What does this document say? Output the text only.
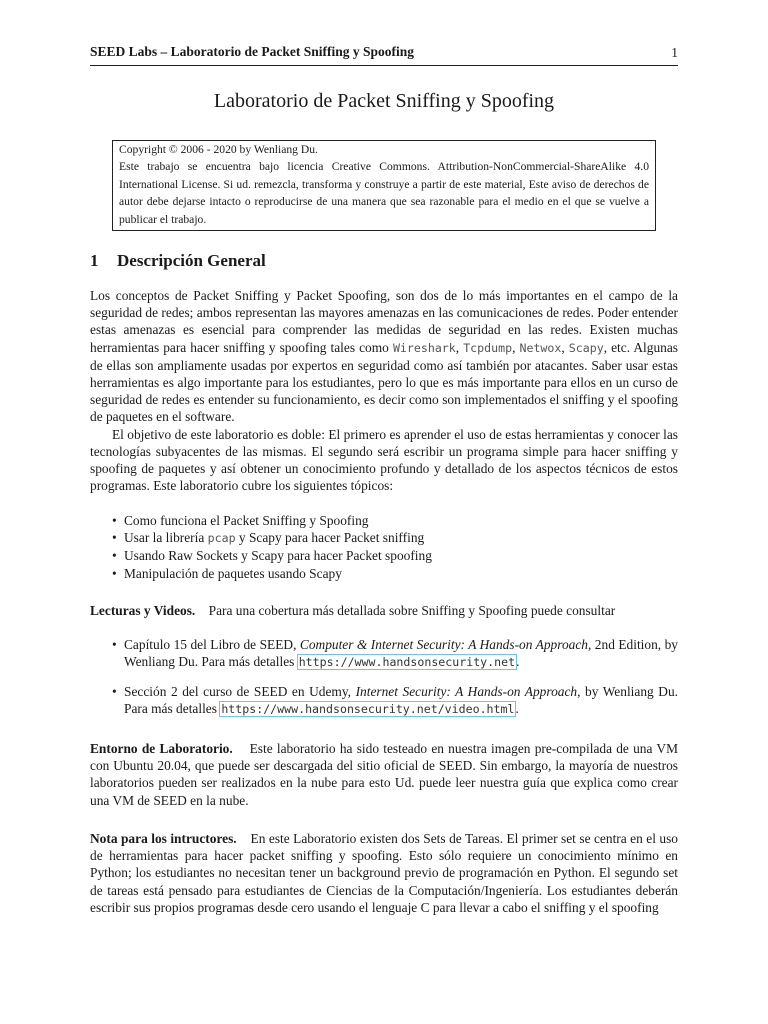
SEED Labs – Laboratorio de Packet Sniffing y Spoofing	1
Laboratorio de Packet Sniffing y Spoofing

Copyright © 2006 - 2020 by Wenliang Du.

Este trabajo se encuentra bajo licencia Creative Commons. Attribution-NonCommercial-ShareAlike 4.0 International License. Si ud. remezcla, transforma y construye a partir de este material, Este aviso de derechos de autor debe dejarse intacto o reproducirse de una manera que sea razonable para el medio en el que se vuelve a publicar el trabajo.

1 Descripción General

Los conceptos de Packet Sniffing y Packet Spoofing, son dos de lo más importantes en el campo de la seguridad de redes; ambos representan las mayores amenazas en las comunicaciones de redes. Poder entender estas amenazas es esencial para comprender las medidas de seguridad en las redes. Existen muchas herramientas para hacer sniffing y spoofing tales como Wireshark, Tcpdump, Netwox, Scapy, etc. Algunas de ellas son ampliamente usadas por expertos en seguridad como así también por atacantes. Saber usar estas herramientas es algo importante para los estudiantes, pero lo que es más importante para ellos en un curso de seguridad de redes es entender su funcionamiento, es decir como son implementados el sniffing y el spoofing de paquetes en el software.

El objetivo de este laboratorio es doble: El primero es aprender el uso de estas herramientas y conocer las tecnologías subyacentes de las mismas. El segundo será escribir un programa simple para hacer sniffing y spoofing de paquetes y así obtener un conocimiento profundo y detallado de los aspectos técnicos de estos programas. Este laboratorio cubre los siguientes tópicos:

• Como funciona el Packet Sniffing y Spoofing
• Usar la librería pcap y Scapy para hacer Packet sniffing
• Usando Raw Sockets y Scapy para hacer Packet spoofing
• Manipulación de paquetes usando Scapy

Lecturas y Videos. Para una cobertura más detallada sobre Sniffing y Spoofing puede consultar

• Capítulo 15 del Libro de SEED, Computer & Internet Security: A Hands-on Approach, 2nd Edition, by Wenliang Du. Para más detalles https://www.handsonsecurity.net.
• Sección 2 del curso de SEED en Udemy, Internet Security: A Hands-on Approach, by Wenliang Du. Para más detalles https://www.handsonsecurity.net/video.html.

Entorno de Laboratorio. Este laboratorio ha sido testeado en nuestra imagen pre-compilada de una VM con Ubuntu 20.04, que puede ser descargada del sitio oficial de SEED. Sin embargo, la mayoría de nuestros laboratorios pueden ser realizados en la nube para esto Ud. puede leer nuestra guía que explica como crear una VM de SEED en la nube.

Nota para los intructores. En este Laboratorio existen dos Sets de Tareas. El primer set se centra en el uso de herramientas para hacer packet sniffing y spoofing. Esto sólo requiere un conocimiento mínimo en Python; los estudiantes no necesitan tener un background previo de programación en Python. El segundo set de tareas está pensado para estudiantes de Ciencias de la Computación/Ingeniería. Los estudiantes deberán escribir sus propios programas desde cero usando el lenguaje C para llevar a cabo el sniffing y el spoofing
